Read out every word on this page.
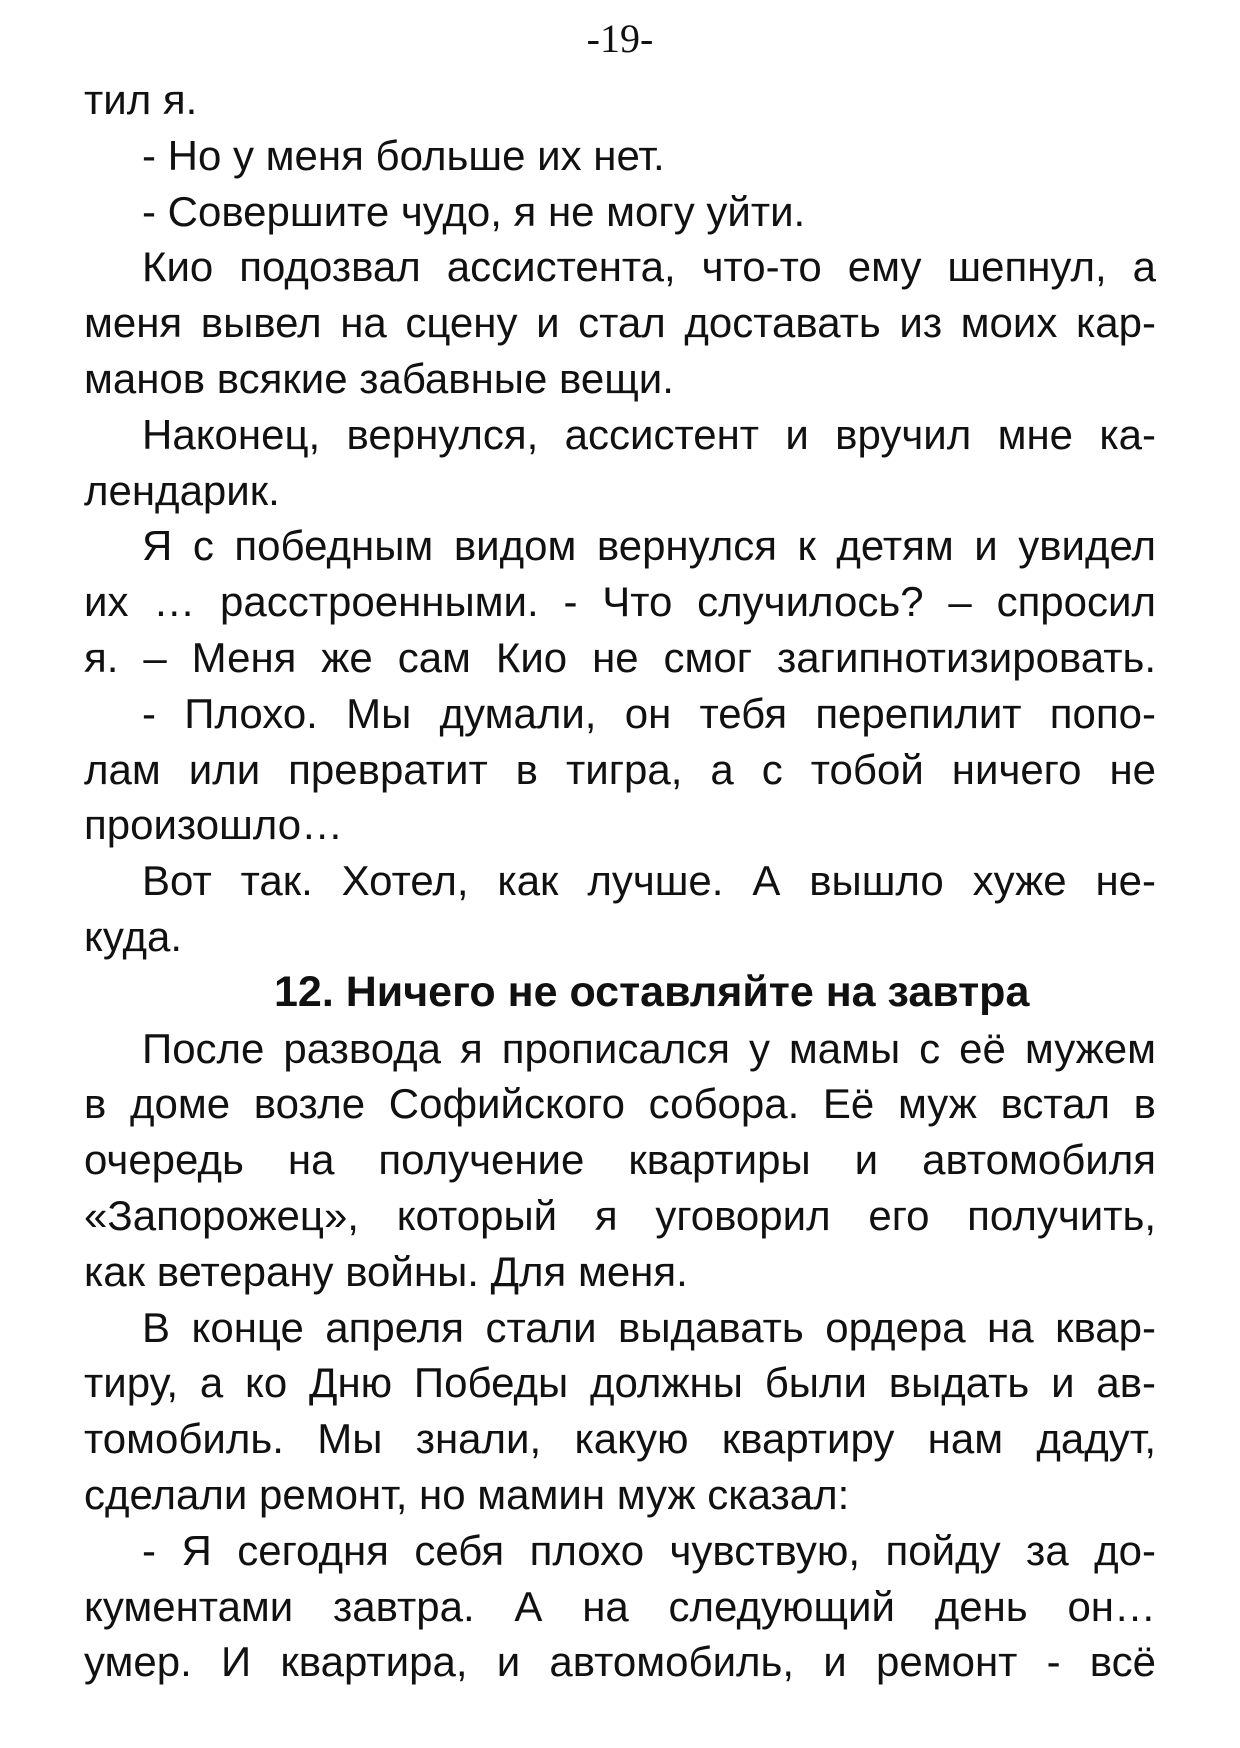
-19-
тил я.
- Но у меня больше их нет.
- Совершите чудо, я не могу уйти.
Кио подозвал ассистента, что-то ему шепнул, а
меня вывел на сцену и стал доставать из моих кар-
манов всякие забавные вещи.
Наконец, вернулся, ассистент и вручил мне ка-
лендарик.
Я с победным видом вернулся к детям и увидел
их … расстроенными. - Что случилось? – спросил
я. – Меня же сам Кио не смог загипнотизировать.
- Плохо. Мы думали, он тебя перепилит попо-
лам или превратит в тигра, а с тобой ничего не
произошло…
Вот так. Хотел, как лучше. А вышло хуже не-
куда.
12. Ничего не оставляйте на завтра
После развода я прописался у мамы с её мужем
в доме возле Софийского собора. Её муж встал в
очередь на получение квартиры и автомобиля
«Запорожец», который я уговорил его получить,
как ветерану войны. Для меня.
В конце апреля стали выдавать ордера на квар-
тиру, а ко Дню Победы должны были выдать и ав-
томобиль. Мы знали, какую квартиру нам дадут,
сделали ремонт, но мамин муж сказал:
- Я сегодня себя плохо чувствую, пойду за до-
кументами завтра. А на следующий день он…
умер. И квартира, и автомобиль, и ремонт - всё
